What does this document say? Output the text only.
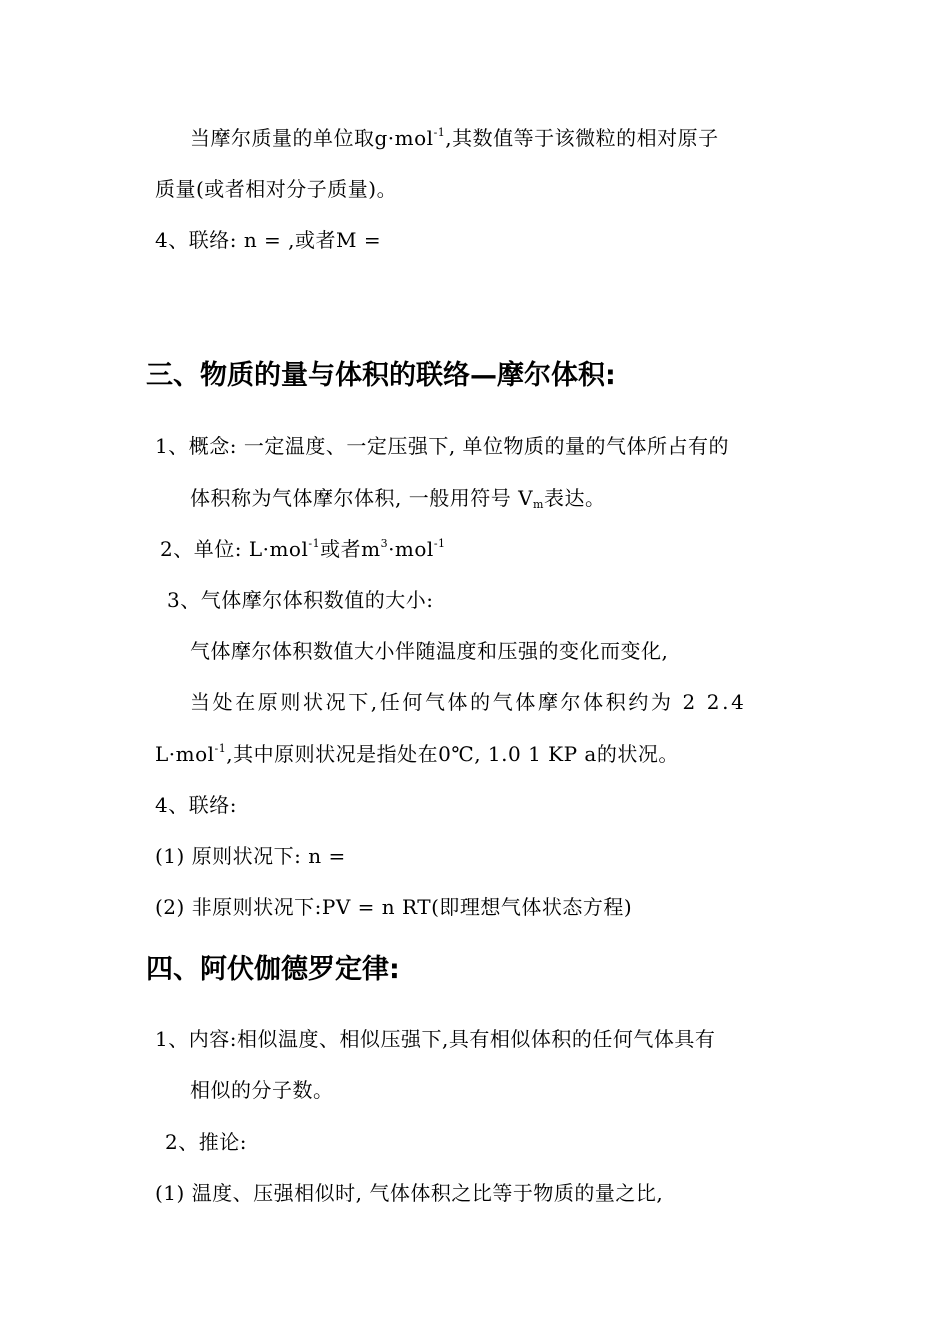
当摩尔质量的单位取g·mol$^{-1}$,其数值等于该微粒的相对原子
质量(或者相对分子质量)。
4、联络: n = ,或者M =
三、物质的量与体积的联络—摩尔体积:
1、概念: 一定温度、一定压强下, 单位物质的量的气体所占有的
体积称为气体摩尔体积, 一般用符号 $V_m$表达。
2、单位: L·mol$^{-1}$或者$m^3\cdot mol^{-1}$
3、气体摩尔体积数值的大小:
气体摩尔体积数值大小伴随温度和压强的变化而变化,
当处在原则状况下,任何气体的气体摩尔体积约为 2 2.4
L·mol$^{-1}$,其中原则状况是指处在0℃, 1.0 1 KP a的状况。
4、联络:
(1) 原则状况下: n =
(2) 非原则状况下:PV = n RT(即理想气体状态方程)
四、阿伏伽德罗定律:
1、内容:相似温度、相似压强下,具有相似体积的任何气体具有
相似的分子数。
2、推论:
(1) 温度、压强相似时, 气体体积之比等于物质的量之比,
